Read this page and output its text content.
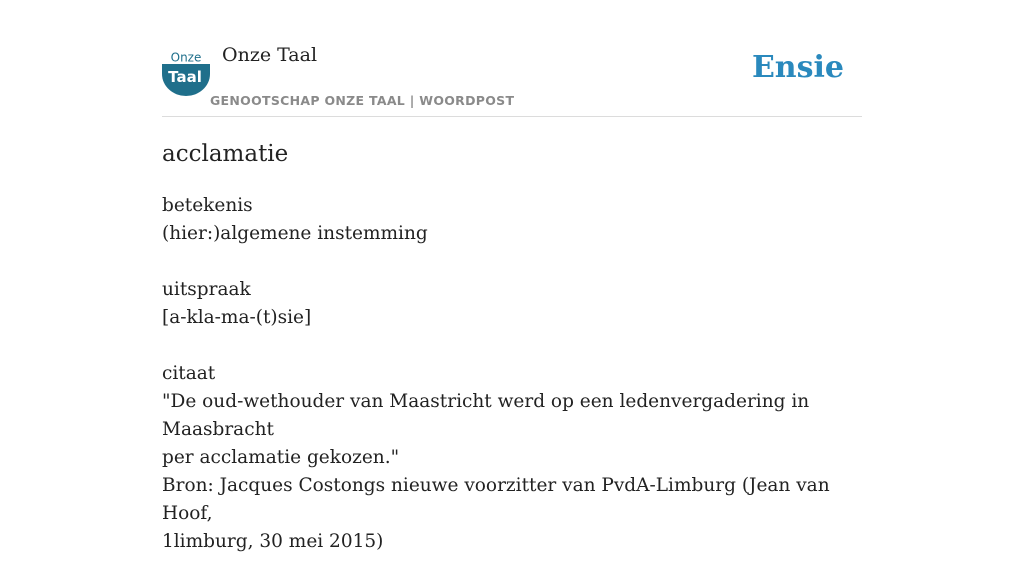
Onze
Taal
Onze Taal
GENOOTSCHAP ONZE TAAL | WOORDPOST
Ensie
acclamatie
betekenis
(hier:)algemene instemming
uitspraak
[a-kla-ma-(t)sie]
citaat
"De oud-wethouder van Maastricht werd op een ledenvergadering in Maasbracht
per acclamatie gekozen."
Bron: Jacques Costongs nieuwe voorzitter van PvdA-Limburg (Jean van Hoof,
1limburg, 30 mei 2015)
